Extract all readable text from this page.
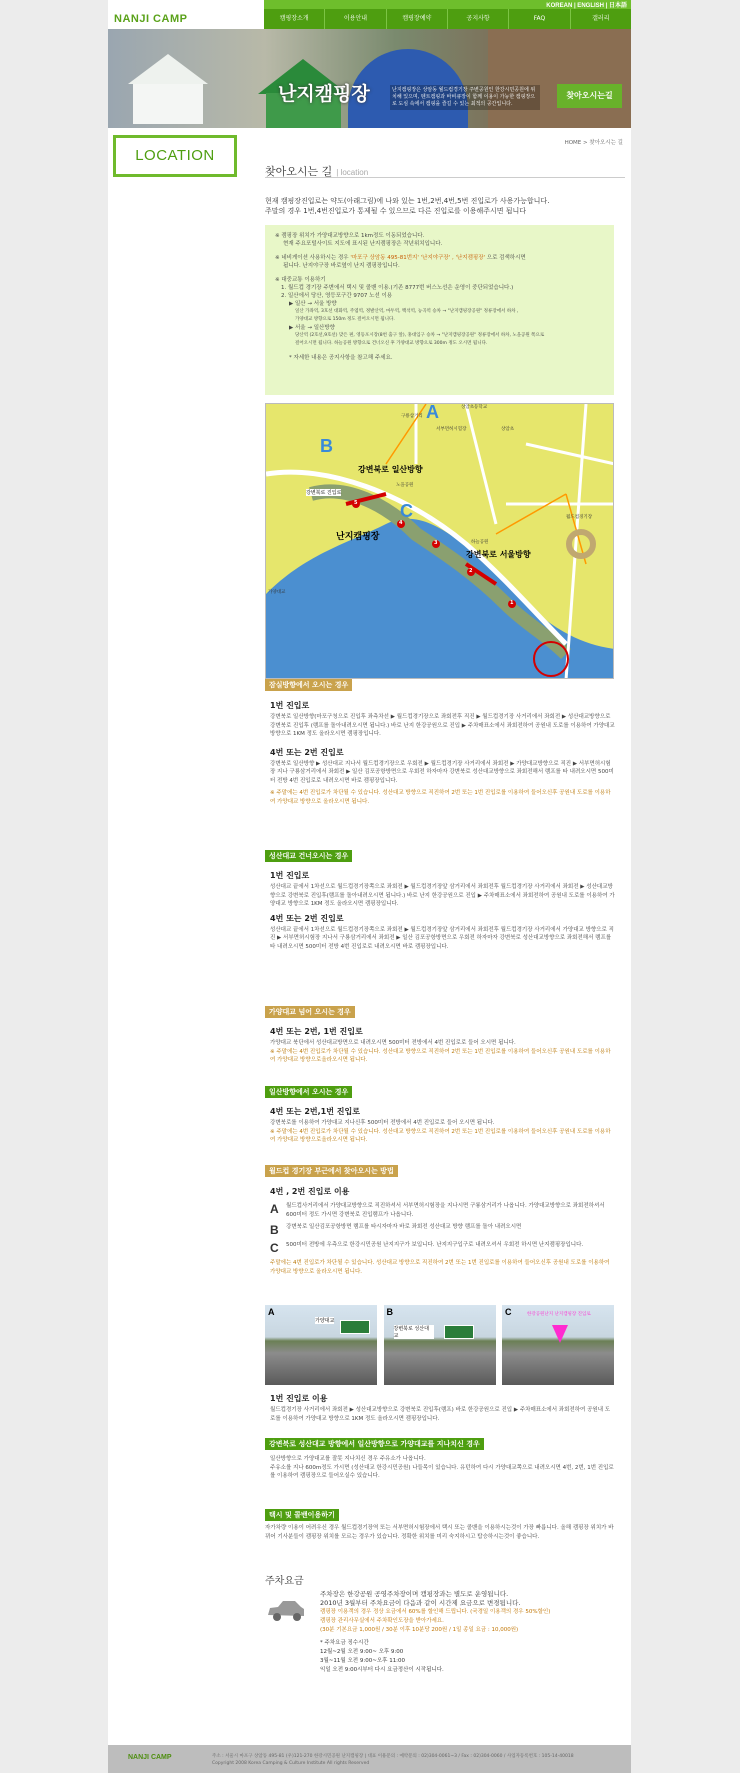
NANJI CAMP
KOREAN | ENGLISH | 日本語
캠핑장소개	이용안내	캠핑장예약	공지사항	FAQ	갤러리
난지캠핑장	난지캠핑장은 상암동 월드컵경기장 주변공원인 한강시민공원에 위치해 있으며, 텐트캠핑과 바비큐장이 함께 이용이 가능한 캠핑장으로 도심 속에서 캠핑을 즐길 수 있는 최적의 공간입니다.
찾아오시는길
LOCATION
HOME > 찾아오시는 길
찾아오시는 길 | location
현재 캠핑장진입로는 약도(아래그림)에 나와 있는 1번,2번,4번,5번 진입로가 사용가능합니다.
주말의 경우 1번,4번진입로가 통제될 수 있으므로 다른 진입로를 이용해주시면 됩니다
※ 캠핑장 위치가 가양대교방향으로 1km정도 이동되었습니다.
현재 주요포털사이트 지도에 표시된 난지캠핑장은 작년위치입니다.
※ 네비게이션 사용하시는 경우 '마포구 상암동 495-81번지' '난지야구장' , '난지캠핑장' 으로 검색하시면
됩니다. 난지야구장 바로옆이 난지 캠핑장입니다.
※ 대중교통 이용하기
1. 월드컵 경기장 주변에서 택시 및 콜밴 이용.(기존 8777번 버스노선은 운영이 중단되었습니다.)
2. 일산에서 당산, 영등포구간 9707 노선 이용
▶ 일산 → 서울 방향
일산 가좌역, 3호선 대화역, 주엽역, 정발산역, 마두역, 백석역, 능곡역 승차 → "난지캠핑장공원" 정류장에서 하차 ,
가양대교 방향으로 150m 정도 걸어오시면 됩니다.
▶ 서울 → 일산방향
당산역 (2호선,9호선) 맞은 편, 영등포시장(8번 출구 앞), 홍대입구 승차 → "난지캠핑장공원" 정류장에서 하차, 노을공원 쪽으로
걸어오시면 됩니다. 하늘공원 방향으로 건너오신 후 가양대교 방향으로 300m 정도 오시면 됩니다.
* 자세한 내용은 공지사항을 참고해 주세요.
A
B
C
강변북로 일산방향
강변북로 서울방향
난지캠핑장
강변북로 진입로
구룡삼거리
상암초등학교
상암초
노을공원
하늘공원
월드컵경기장
가양대교
서부면허시험장
1
2
3
4
5
잠실방향에서 오시는 경우
1번 진입로

강변북로 일산방향(마포구청으로 진입후 좌측차선 ▶ 월드컵경기장으로 좌회전후 직진 ▶ 월드컵경기장 사거리에서 좌회전 ▶ 성산대교방향으로 강변북로 진입후 (램프를 돌아내려오시면 됩니다.) 바로 난지 한강공원으로 진입 ▶ 주차매표소에서 좌회전하여 공원내 도로를 이용하여 가양대교 방향으로 1KM 정도 올라오시면 캠핑장입니다.

4번 또는 2번 진입로

강변북로 일산방향 ▶ 성산대교 지나서 월드컵경기장으로 우회전 ▶ 월드컵경기장 사거리에서 좌회전 ▶ 가양대교방향으로 직진 ▶ 서부면허시험장 지나 구룡삼거리에서 좌회전 ▶ 일산 김포공항방면으로 우회전 하자마자 강변북로 성산대교방향으로 좌회전해서 램프를 타 내려오시면 500미터 전방 4번 진입로로 내려오시면 바로 캠핑장입니다.

※ 주말에는 4번 진입로가 차단될 수 있습니다. 성산대교 방향으로 직진하여 2번 또는 1번 진입로를 이용하여 들어오신후 공원내 도로를 이용하여 가양대교 방향으로 올라오시면 됩니다.

성산대교 건너오시는 경우
1번 진입로

성산대교 끝에서 1차선으로 월드컵경기장쪽으로 좌회전 ▶ 월드컵경기장앞 삼거리에서 좌회전후 월드컵경기장 사거리에서 좌회전 ▶ 성산대교방향으로 강변북로 진입후(램프를 돌아내려오시면 됩니다.) 바로 난지 한강공원으로 진입 ▶ 주차매표소에서 좌회전하여 공원내 도로를 이용하여 가양대교 방향으로 1KM 정도 올라오시면 캠핑장입니다.

4번 또는 2번 진입로

성산대교 끝에서 1차선으로 월드컵경기장쪽으로 좌회전 ▶ 월드컵경기장앞 삼거리에서 좌회전후 월드컵경기장 사거리에서 가양대교 방향으로 직진 ▶ 서부면허시험장 지나서 구룡삼거리에서 좌회전 ▶ 일산 김포공항방면으로 우회전 하자마자 강변북로 성산대교방향으로 좌회전해서 램프를 타 내려오시면 500미터 전방 4번 진입로로 내려오시면 바로 캠핑장입니다.

가양대교 넘어 오시는 경우
4번 또는 2번, 1번 진입로

가양대교 북단에서 성산대교방면으로 내려오시면 500미터 전방에서 4번 진입로로 들어 오시면 됩니다.

※ 주말에는 4번 진입로가 차단될 수 있습니다. 성산대교 방향으로 직진하여 2번 또는 1번 진입로를 이용하여 들어오신후 공원내 도로를 이용하여 가양대교 방향으로올라오시면 됩니다.

일산방향에서 오시는 경우
4번 또는 2번,1번 진입로

강변북로를 이용하여 가양대교 지나신후 500미터 전방에서 4번 진입로로 들어 오시면 됩니다.

※ 주말에는 4번 진입로가 차단될 수 있습니다. 성산대교 방향으로 직진하여 2번 또는 1번 진입로를 이용하여 들어오신후 공원내 도로를 이용하여 가양대교 방향으로올라오시면 됩니다.

월드컵 경기장 부근에서 찾아오시는 방법
4번 , 2번 진입로 이용
A	월드컵사거리에서 가양대교방향으로 직진하셔서 서부면허시험장을 지나시면 구룡삼거리가 나옵니다. 가양대교방향으로 좌회전하셔서 600미터 정도 가시면 강변북로 진입램프가 나옵니다.

B	강변북로 일산김포공항방면 램프를 타시자마자 바로 좌회전 성산대교 방향 램프를 돌아 내려오시면

C	500미터 전방에 우측으로 한강시민공원 난지지구가 보입니다. 난지지구입구로 내려오셔서 우회전 하시면 난지캠핑장입니다.

주말에는 4번 진입로가 차단될 수 있습니다. 성산대교 방향으로 직진하여 2번 또는 1번 진입로를 이용하여 들어오신후 공원내 도로를 이용하여 가양대교 방향으로 올라오시면 됩니다.

A
가양대교
B
강변북로 성산대교
C	한강공원난지 난지캠핑장 진입로
1번 진입로 이용

월드컵경기장 사거리에서 좌회전 ▶ 성산대교방향으로 강변북로 진입후(램프) 바로 한강공원으로 진입 ▶ 주차매표소에서 좌회전하여 공원내 도로를 이용하여 가양대교 방향으로 1KM 정도 올라오시면 캠핑장입니다.

강변북로 성산대교 방향에서 일산방향으로 가양대교를 지나치신 경우

일산방향으로 가양대교를 잘못 지나치신 경우 주유소가 나옵니다.

주유소를 지나 600m정도 가시면 (성산대교 한강시민공원) 나들목이 있습니다. 유턴하여 다시 가양대교쪽으로 내려오시면 4번, 2번, 1번 진입로를 이용하여 캠핑장으로 들어오실수 있습니다.

택시 및 콜밴이용하기

자가차량 이용이 어려우신 경우 월드컵경기장역 또는 서부면허시험장에서 택시 또는 콜밴을 이용하시는것이 가장 빠릅니다. 올해 캠핑장 위치가 바뀌어 기사분들이 캠핑장 위치를 모르는 경우가 있습니다. 정확한 위치를 미리 숙지하시고 탑승하시는것이 좋습니다.

주차요금
주차장은 한강공원 공영주차장이며 캠핑장과는 별도로 운영됩니다.
2010년 3월부터 주차요금이 다음과 같이 시간제 요금으로 변경됩니다.
캠핑장 이용객의 경우 정상 요금에서 60%를 할인해 드립니다. (국경일 이용객의 경우 50%할인)
캠핑장 관리사무실에서 주차확인도장을 받아가세요.
(30분 기본요금 1,000원 / 30분 이후 10분당 200원 / 1일 종일 요금 : 10,000원)
* 주차요금 징수시간
12월~2월 오전 9:00~ 오후 9:00
3월~11월 오전 9:00~오후 11:00
익일 오전 9:00시부터 다시 요금정산이 시작됩니다.
NANJI CAMP	주소 : 서울시 마포구 상암동 495-81 (우)121-270 한강시민공원 난지캠핑장 | 대표 이용문의 : 예약문의 : 02)304-0061~3 / Fax : 02)304-0060 / 사업자등록번호 : 105-14-40018
Copyright 2008 Korea Camping & Culture Institute All rights Reserved
